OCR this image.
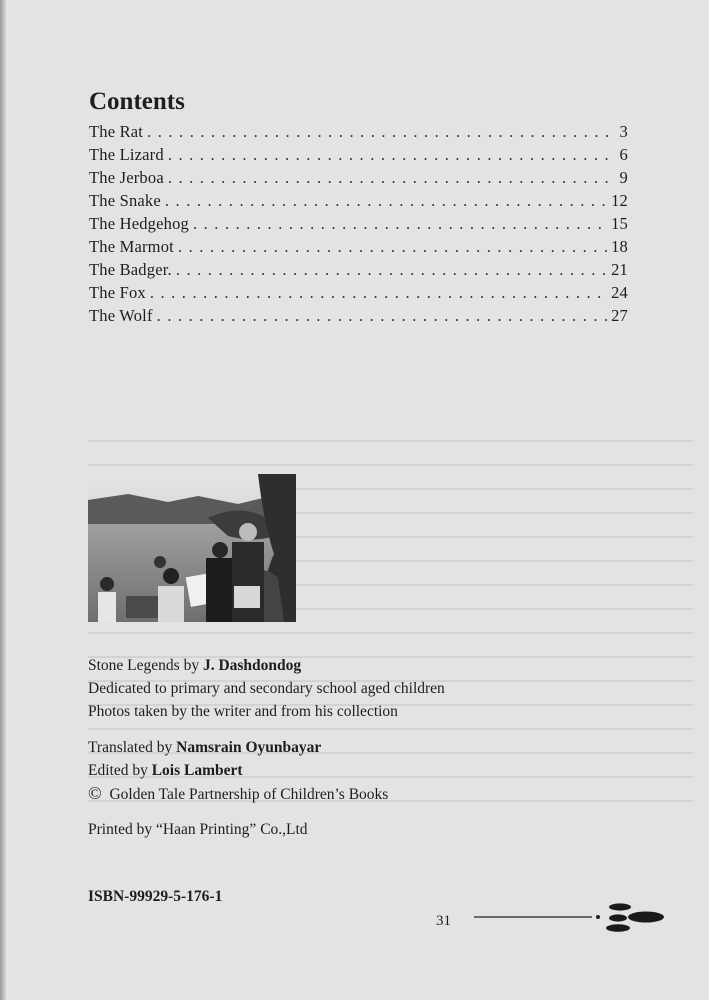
Contents
The Rat . . .	3
The Lizard . . .	6
The Jerboa . . .	9
The Snake . . .	12
The Hedgehog . . .	15
The Marmot . . .	18
The Badger. . . .	21
The Fox . . .	24
The Wolf . . .	27

Stone Legends by J. Dashdondog

Dedicated to primary and secondary school aged children

Photos taken by the writer and from his collection

Translated by Namsrain Oyunbayar

Edited by Lois Lambert

© Golden Tale Partnership of Children’s Books

Printed by “Haan Printing” Co.,Ltd

ISBN-99929-5-176-1

31
